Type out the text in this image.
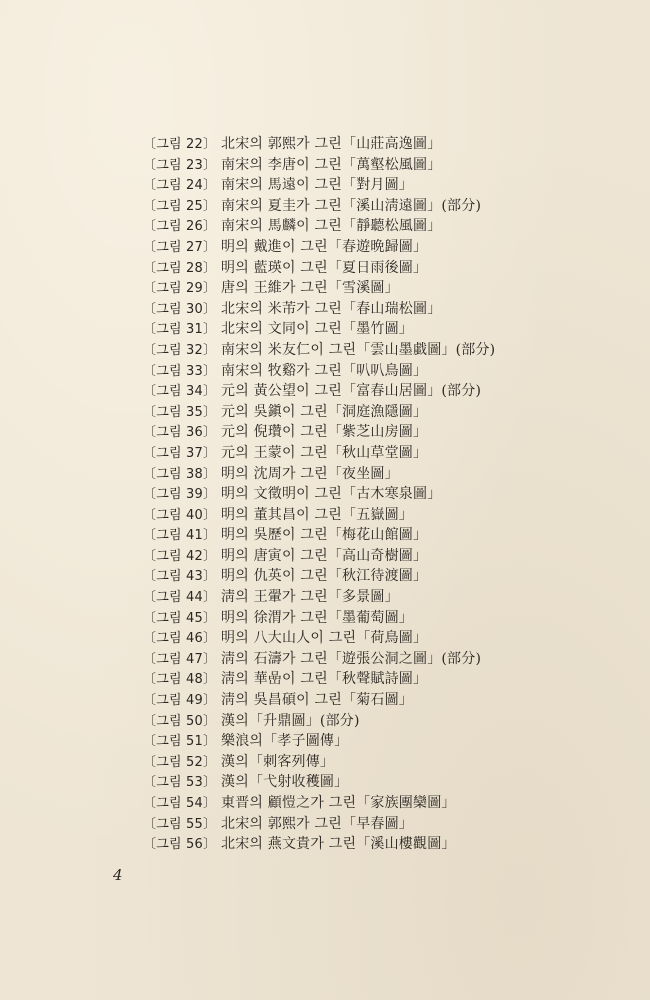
〔그림 22〕 北宋의 郭熙가 그린「山莊高逸圖」
〔그림 23〕 南宋의 李唐이 그린「萬壑松風圖」
〔그림 24〕 南宋의 馬遠이 그린「對月圖」
〔그림 25〕 南宋의 夏圭가 그린「溪山淸遠圖」(部分)
〔그림 26〕 南宋의 馬麟이 그린「靜聽松風圖」
〔그림 27〕 明의 戴進이 그린「春遊晩歸圖」
〔그림 28〕 明의 藍瑛이 그린「夏日雨後圖」
〔그림 29〕 唐의 王維가 그린「雪溪圖」
〔그림 30〕 北宋의 米芾가 그린「春山瑞松圖」
〔그림 31〕 北宋의 文同이 그린「墨竹圖」
〔그림 32〕 南宋의 米友仁이 그린「雲山墨戱圖」(部分)
〔그림 33〕 南宋의 牧谿가 그린「叭叭鳥圖」
〔그림 34〕 元의 黃公望이 그린「富春山居圖」(部分)
〔그림 35〕 元의 吳鎭이 그린「洞庭漁隱圖」
〔그림 36〕 元의 倪瓚이 그린「紫芝山房圖」
〔그림 37〕 元의 王蒙이 그린「秋山草堂圖」
〔그림 38〕 明의 沈周가 그린「夜坐圖」
〔그림 39〕 明의 文徵明이 그린「古木寒泉圖」
〔그림 40〕 明의 董其昌이 그린「五嶽圖」
〔그림 41〕 明의 吳歷이 그린「梅花山館圖」
〔그림 42〕 明의 唐寅이 그린「高山奇樹圖」
〔그림 43〕 明의 仇英이 그린「秋江待渡圖」
〔그림 44〕 淸의 王翬가 그린「多景圖」
〔그림 45〕 明의 徐渭가 그린「墨葡萄圖」
〔그림 46〕 明의 八大山人이 그린「荷鳥圖」
〔그림 47〕 淸의 石濤가 그린「遊張公洞之圖」(部分)
〔그림 48〕 淸의 華嵒이 그린「秋聲賦詩圖」
〔그림 49〕 淸의 吳昌碩이 그린「菊石圖」
〔그림 50〕 漢의「升鼎圖」(部分)
〔그림 51〕 樂浪의「孝子圖傳」
〔그림 52〕 漢의「刺客列傳」
〔그림 53〕 漢의「弋射收穫圖」
〔그림 54〕 東晋의 顧愷之가 그린「家族團欒圖」
〔그림 55〕 北宋의 郭熙가 그린「早春圖」
〔그림 56〕 北宋의 燕文貴가 그린「溪山樓觀圖」
4
